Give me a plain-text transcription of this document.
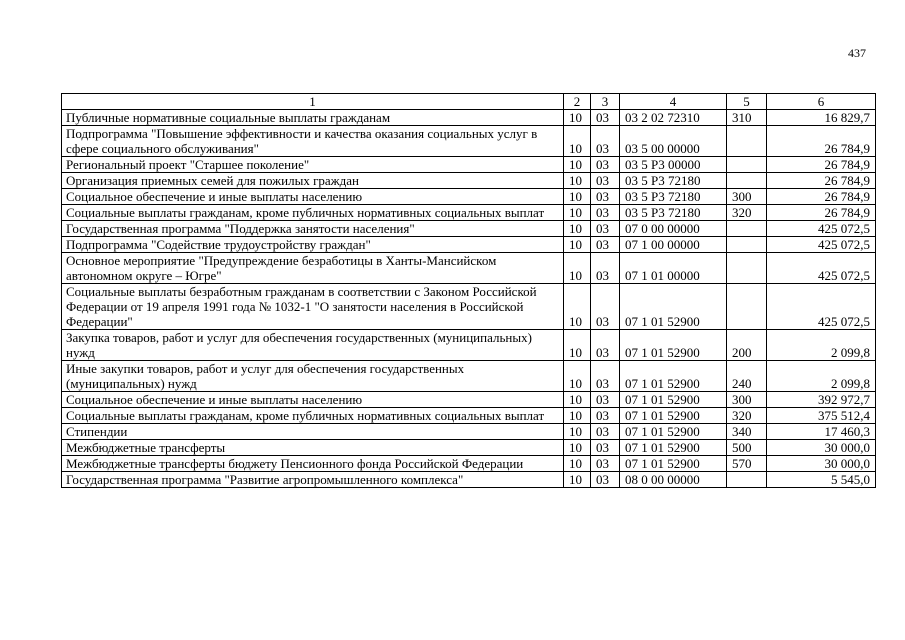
437
1	2	3	4	5	6
Публичные нормативные социальные выплаты гражданам	10	03	03 2 02 72310	310	16 829,7
Подпрограмма "Повышение эффективности и качества оказания социальных услуг в сфере социального обслуживания"	10	03	03 5 00 00000		26 784,9
Региональный проект "Старшее поколение"	10	03	03 5 P3 00000		26 784,9
Организация приемных семей для пожилых граждан	10	03	03 5 P3 72180		26 784,9
Социальное обеспечение и иные выплаты населению	10	03	03 5 P3 72180	300	26 784,9
Социальные выплаты гражданам, кроме публичных нормативных социальных выплат	10	03	03 5 P3 72180	320	26 784,9
Государственная программа "Поддержка занятости населения"	10	03	07 0 00 00000		425 072,5
Подпрограмма "Содействие трудоустройству граждан"	10	03	07 1 00 00000		425 072,5
Основное мероприятие "Предупреждение безработицы в Ханты-Мансийском автономном округе – Югре"	10	03	07 1 01 00000		425 072,5
Социальные выплаты безработным гражданам в соответствии с Законом Российской Федерации от 19 апреля 1991 года № 1032-1 "О занятости населения в Российской Федерации"	10	03	07 1 01 52900		425 072,5
Закупка товаров, работ и услуг для обеспечения государственных (муниципальных) нужд	10	03	07 1 01 52900	200	2 099,8
Иные закупки товаров, работ и услуг для обеспечения государственных (муниципальных) нужд	10	03	07 1 01 52900	240	2 099,8
Социальное обеспечение и иные выплаты населению	10	03	07 1 01 52900	300	392 972,7
Социальные выплаты гражданам, кроме публичных нормативных социальных выплат	10	03	07 1 01 52900	320	375 512,4
Стипендии	10	03	07 1 01 52900	340	17 460,3
Межбюджетные трансферты	10	03	07 1 01 52900	500	30 000,0
Межбюджетные трансферты бюджету Пенсионного фонда Российской Федерации	10	03	07 1 01 52900	570	30 000,0
Государственная программа "Развитие агропромышленного комплекса"	10	03	08 0 00 00000		5 545,0
